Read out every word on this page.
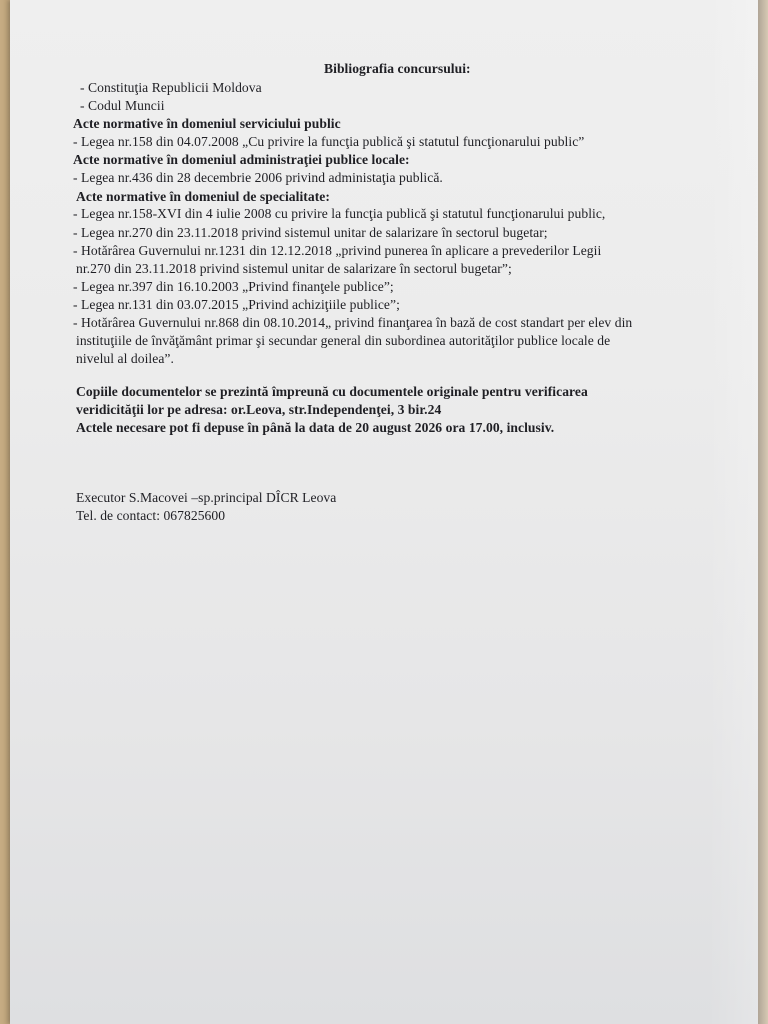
Bibliografia concursului:
- Constituţia Republicii Moldova
- Codul Muncii
Acte normative în domeniul serviciului public
- Legea nr.158 din 04.07.2008 „Cu privire la funcţia publică şi statutul funcţionarului public”
Acte normative în domeniul administraţiei publice locale:
- Legea nr.436 din 28 decembrie 2006 privind administaţia publică.
Acte normative în domeniul de specialitate:
- Legea nr.158-XVI din 4 iulie 2008 cu privire la funcţia publică şi statutul funcţionarului public,
- Legea nr.270 din 23.11.2018 privind sistemul unitar de salarizare în sectorul bugetar;
- Hotărârea Guvernului nr.1231 din 12.12.2018 „privind punerea în aplicare a prevederilor Legii
nr.270 din 23.11.2018 privind sistemul unitar de salarizare în sectorul bugetar”;
- Legea nr.397 din 16.10.2003 „Privind finanţele publice”;
- Legea nr.131 din 03.07.2015 „Privind achiziţiile publice”;
- Hotărârea Guvernului nr.868 din 08.10.2014„ privind finanţarea în bază de cost standart per elev din
instituţiile de învăţământ primar şi secundar general din subordinea autorităţilor publice locale de
nivelul al doilea”.
Copiile documentelor se prezintă împreună cu documentele originale pentru verificarea
veridicităţii lor pe adresa: or.Leova, str.Independenţei, 3 bir.24
Actele necesare pot fi depuse în până la data de 20 august 2026 ora 17.00, inclusiv.
Executor S.Macovei –sp.principal DÎCR Leova
Tel. de contact: 067825600
